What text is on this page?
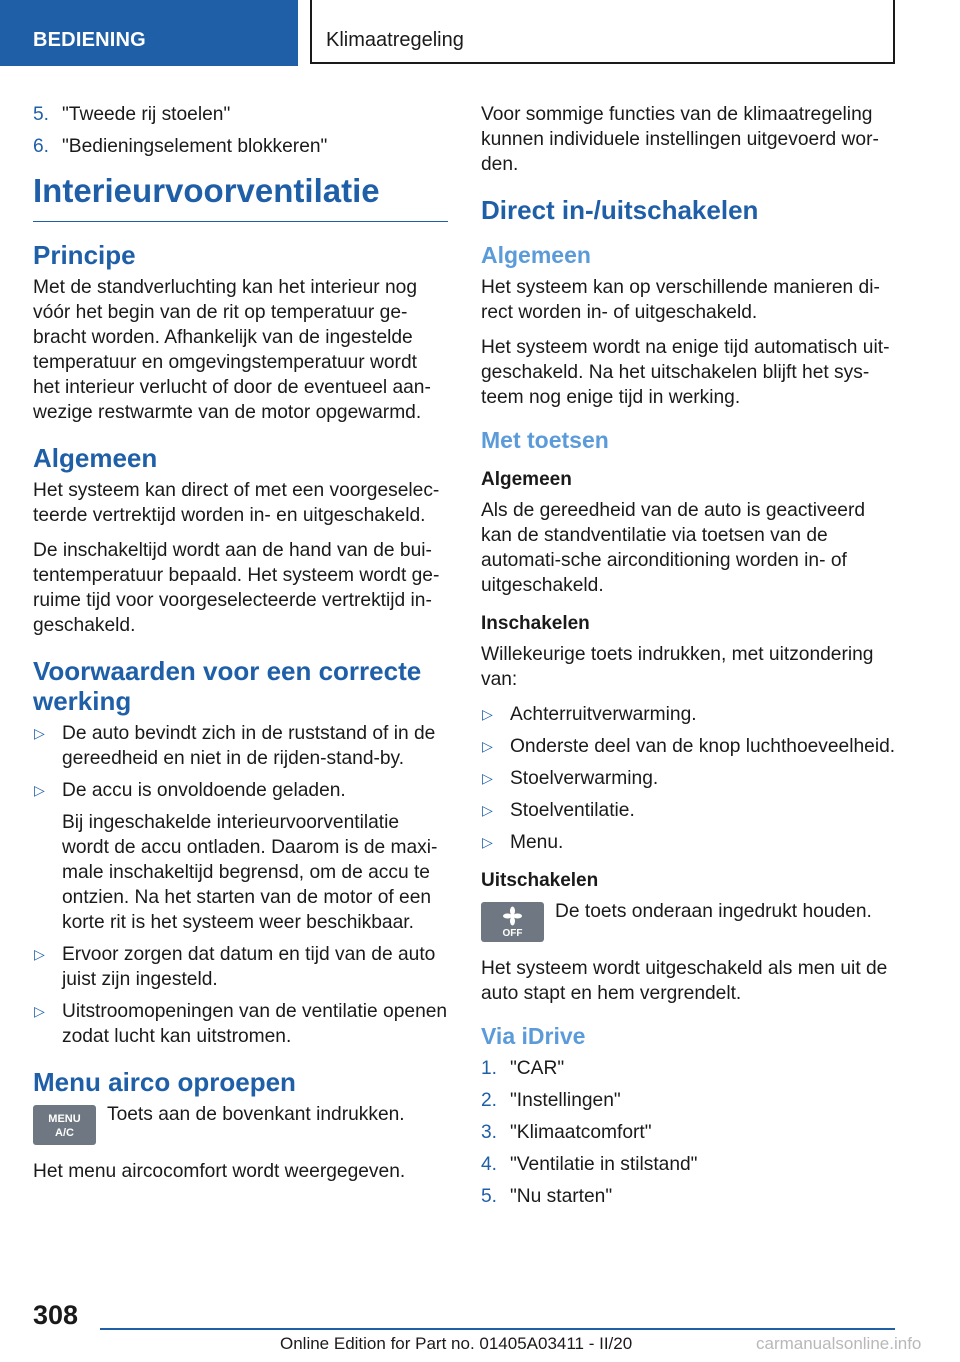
BEDIENING	Klimaatregeling
5. "Tweede rij stoelen"
6. "Bedieningselement blokkeren"
Interieurvoorventilatie
Principe

Met de standverluchting kan het interieur nog vóór het begin van de rit op temperatuur ge-bracht worden. Afhankelijk van de ingestelde temperatuur en omgevingstemperatuur wordt het interieur verlucht of door de eventueel aan-wezige restwarmte van de motor opgewarmd.

Algemeen

Het systeem kan direct of met een voorgeselec-teerde vertrektijd worden in- en uitgeschakeld.

De inschakeltijd wordt aan de hand van de bui-tentemperatuur bepaald. Het systeem wordt ge-ruime tijd voor voorgeselecteerde vertrektijd in-geschakeld.

Voorwaarden voor een correcte werking
▷ De auto bevindt zich in de ruststand of in de gereedheid en niet in de rijden-stand-by.
▷ De accu is onvoldoende geladen.

Bij ingeschakelde interieurvoorventilatie wordt de accu ontladen. Daarom is de maxi-male inschakeltijd begrensd, om de accu te ontzien. Na het starten van de motor of een korte rit is het systeem weer beschikbaar.

▷ Ervoor zorgen dat datum en tijd van de auto juist zijn ingesteld.
▷ Uitstroomopeningen van de ventilatie openen zodat lucht kan uitstromen.
Menu airco oproepen
MENU
A/C

Toets aan de bovenkant indrukken.

Het menu aircocomfort wordt weergegeven.

Voor sommige functies van de klimaatregeling kunnen individuele instellingen uitgevoerd wor-den.

Direct in-/uitschakelen
Algemeen

Het systeem kan op verschillende manieren di-rect worden in- of uitgeschakeld.

Het systeem wordt na enige tijd automatisch uit-geschakeld. Na het uitschakelen blijft het sys-teem nog enige tijd in werking.

Met toetsen
Algemeen

Als de gereedheid van de auto is geactiveerd kan de standventilatie via toetsen van de automati-sche airconditioning worden in- of uitgeschakeld.

Inschakelen

Willekeurige toets indrukken, met uitzondering van:

▷ Achterruitverwarming.
▷ Onderste deel van de knop luchthoeveelheid.
▷ Stoelverwarming.
▷ Stoelventilatie.
▷ Menu.
Uitschakelen
OFF

De toets onderaan ingedrukt houden.

Het systeem wordt uitgeschakeld als men uit de auto stapt en hem vergrendelt.

Via iDrive
1. "CAR"
2. "Instellingen"
3. "Klimaatcomfort"
4. "Ventilatie in stilstand"
5. "Nu starten"
308
Online Edition for Part no. 01405A03411 - II/20	carmanualsonline.info
